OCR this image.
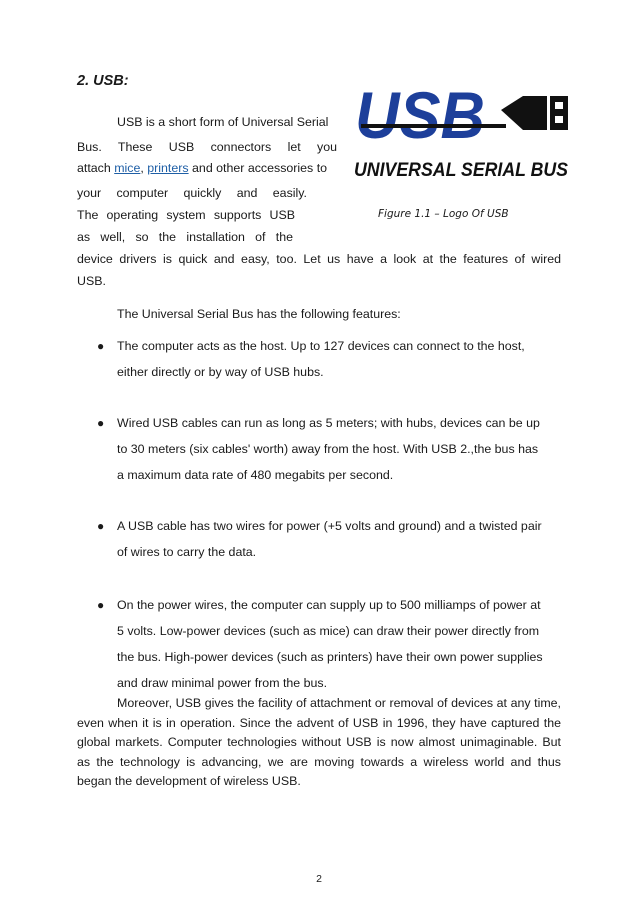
2. USB:

USB is a short form of Universal Serial

Bus. These USB connectors let you

attach mice, printers and other accessories to

your computer quickly and easily.

The operating system supports USB

as well, so the installation of the

USB
UNIVERSAL SERIAL BUS

Figure 1.1 – Logo Of USB

device drivers is quick and easy, too. Let us have a look at the features of wired

USB.

The Universal Serial Bus has the following features:

● The computer acts as the host. Up to 127 devices can connect to the host,
either directly or by way of USB hubs.

● Wired USB cables can run as long as 5 meters; with hubs, devices can be up
to 30 meters (six cables' worth) away from the host. With USB 2.,the bus has
a maximum data rate of 480 megabits per second.

● A USB cable has two wires for power (+5 volts and ground) and a twisted pair
of wires to carry the data.

● On the power wires, the computer can supply up to 500 milliamps of power at
5 volts. Low-power devices (such as mice) can draw their power directly from
the bus. High-power devices (such as printers) have their own power supplies
and draw minimal power from the bus.

Moreover, USB gives the facility of attachment or removal of devices at any time, even when it is in operation. Since the advent of USB in 1996, they have captured the global markets. Computer technologies without USB is now almost unimaginable. But as the technology is advancing, we are moving towards a wireless world and thus began the development of wireless USB.

2
